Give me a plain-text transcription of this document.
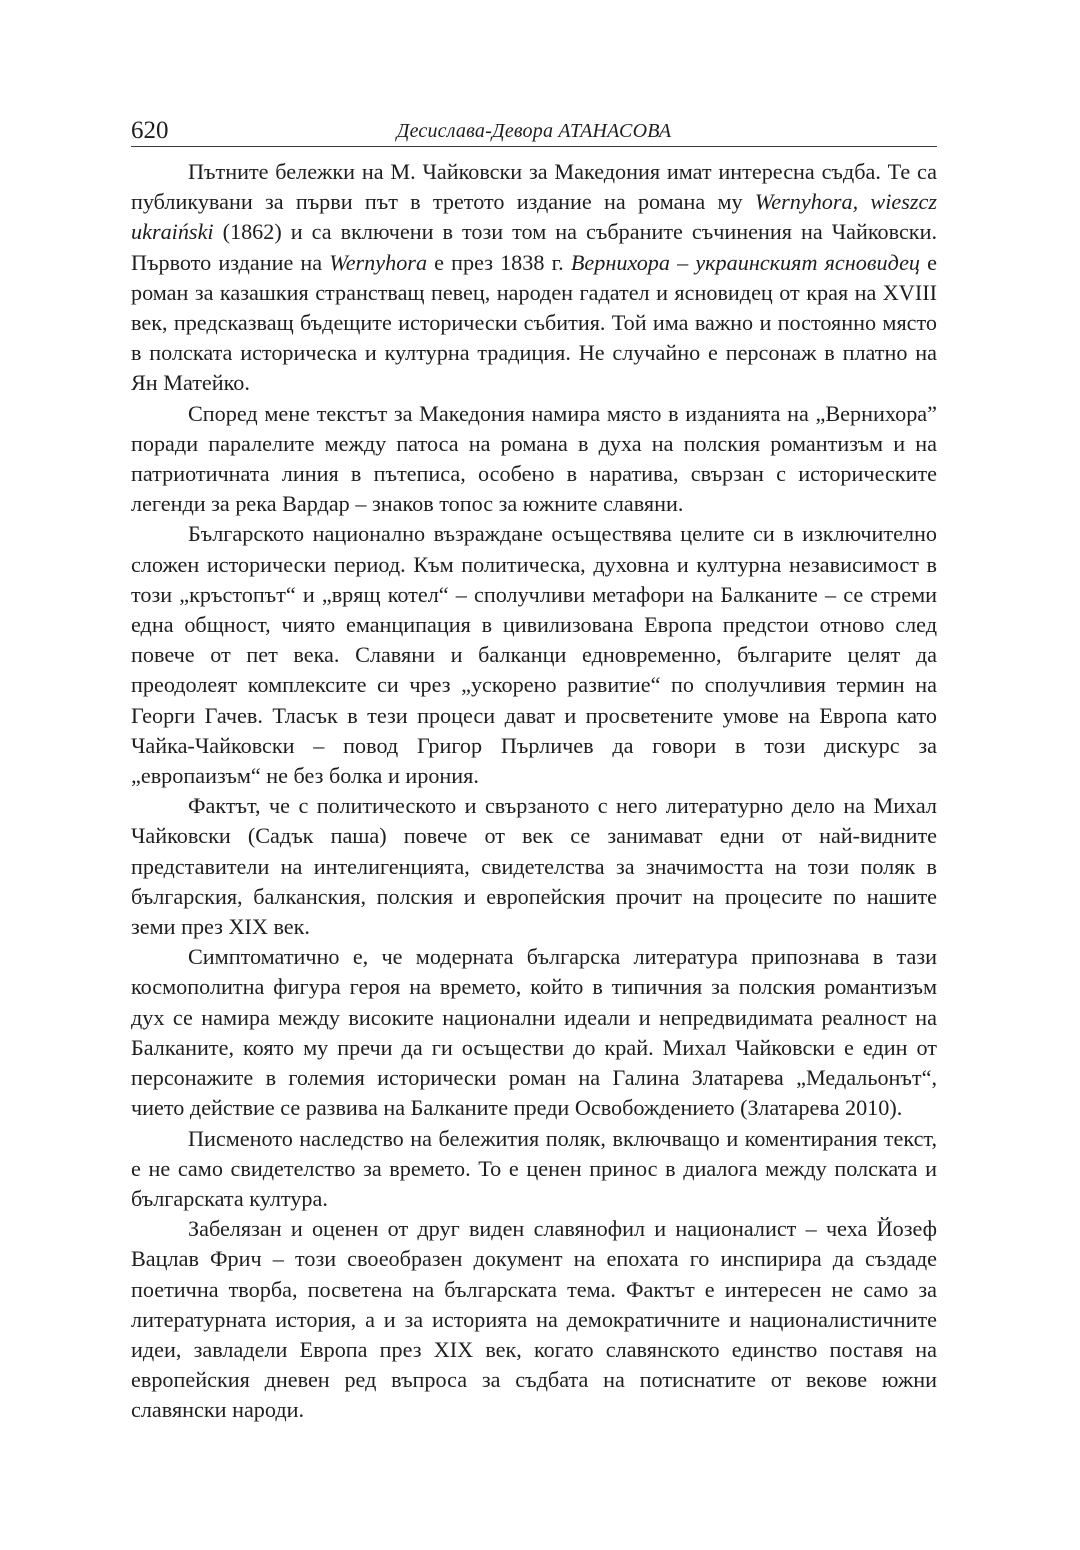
620	Десислава-Девора АТАНАСОВА

Пътните бележки на М. Чайковски за Македония имат интересна съдба. Те са публикувани за първи път в третото издание на романа му Wernyhora, wieszcz ukraiński (1862) и са включени в този том на събраните съчинения на Чайковски. Първото издание на Wernyhora е през 1838 г. Вернихора – украинският ясновидец е роман за казашкия странстващ певец, народен гадател и ясновидец от края на XVIII век, предсказващ бъдещите исторически събития. Той има важно и постоянно място в полската историческа и културна традиция. Не случайно е персонаж в платно на Ян Матейко.

Според мене текстът за Македония намира място в изданията на „Вернихора” поради паралелите между патоса на романа в духа на полския романтизъм и на патриотичната линия в пътеписа, особено в наратива, свързан с историческите легенди за река Вардар – знаков топос за южните славяни.

Българското национално възраждане осъществява целите си в изключително сложен исторически период. Към политическа, духовна и културна независимост в този „кръстопът“ и „врящ котел“ – сполучливи метафори на Балканите – се стреми една общност, чиято еманципация в цивилизована Европа предстои отново след повече от пет века. Славяни и балканци едновременно, българите целят да преодолеят комплексите си чрез „ускорено развитие“ по сполучливия термин на Георги Гачев. Тласък в тези процеси дават и просветените умове на Европа като Чайка-Чайковски – повод Григор Пърличев да говори в този дискурс за „европаизъм“ не без болка и ирония.

Фактът, че с политическото и свързаното с него литературно дело на Михал Чайковски (Садък паша) повече от век се занимават едни от най-видните представители на интелигенцията, свидетелства за значимостта на този поляк в българския, балканския, полския и европейския прочит на процесите по нашите земи през XIX век.

Симптоматично е, че модерната българска литература припознава в тази космополитна фигура героя на времето, който в типичния за полския романтизъм дух се намира между високите национални идеали и непредвидимата реалност на Балканите, която му пречи да ги осъществи до край. Михал Чайковски е един от персонажите в големия исторически роман на Галина Златарева „Медальонът“, чието действие се развива на Балканите преди Освобождението (Златарева 2010).

Писменото наследство на бележития поляк, включващо и коментирания текст, е не само свидетелство за времето. То е ценен принос в диалога между полската и българската култура.

Забелязан и оценен от друг виден славянофил и националист – чеха Йозеф Вацлав Фрич – този своеобразен документ на епохата го инспирира да създаде поетична творба, посветена на българската тема. Фактът е интересен не само за литературната история, а и за историята на демократичните и националистичните идеи, завладели Европа през XIX век, когато славянското единство поставя на европейския дневен ред въпроса за съдбата на потиснатите от векове южни славянски народи.
